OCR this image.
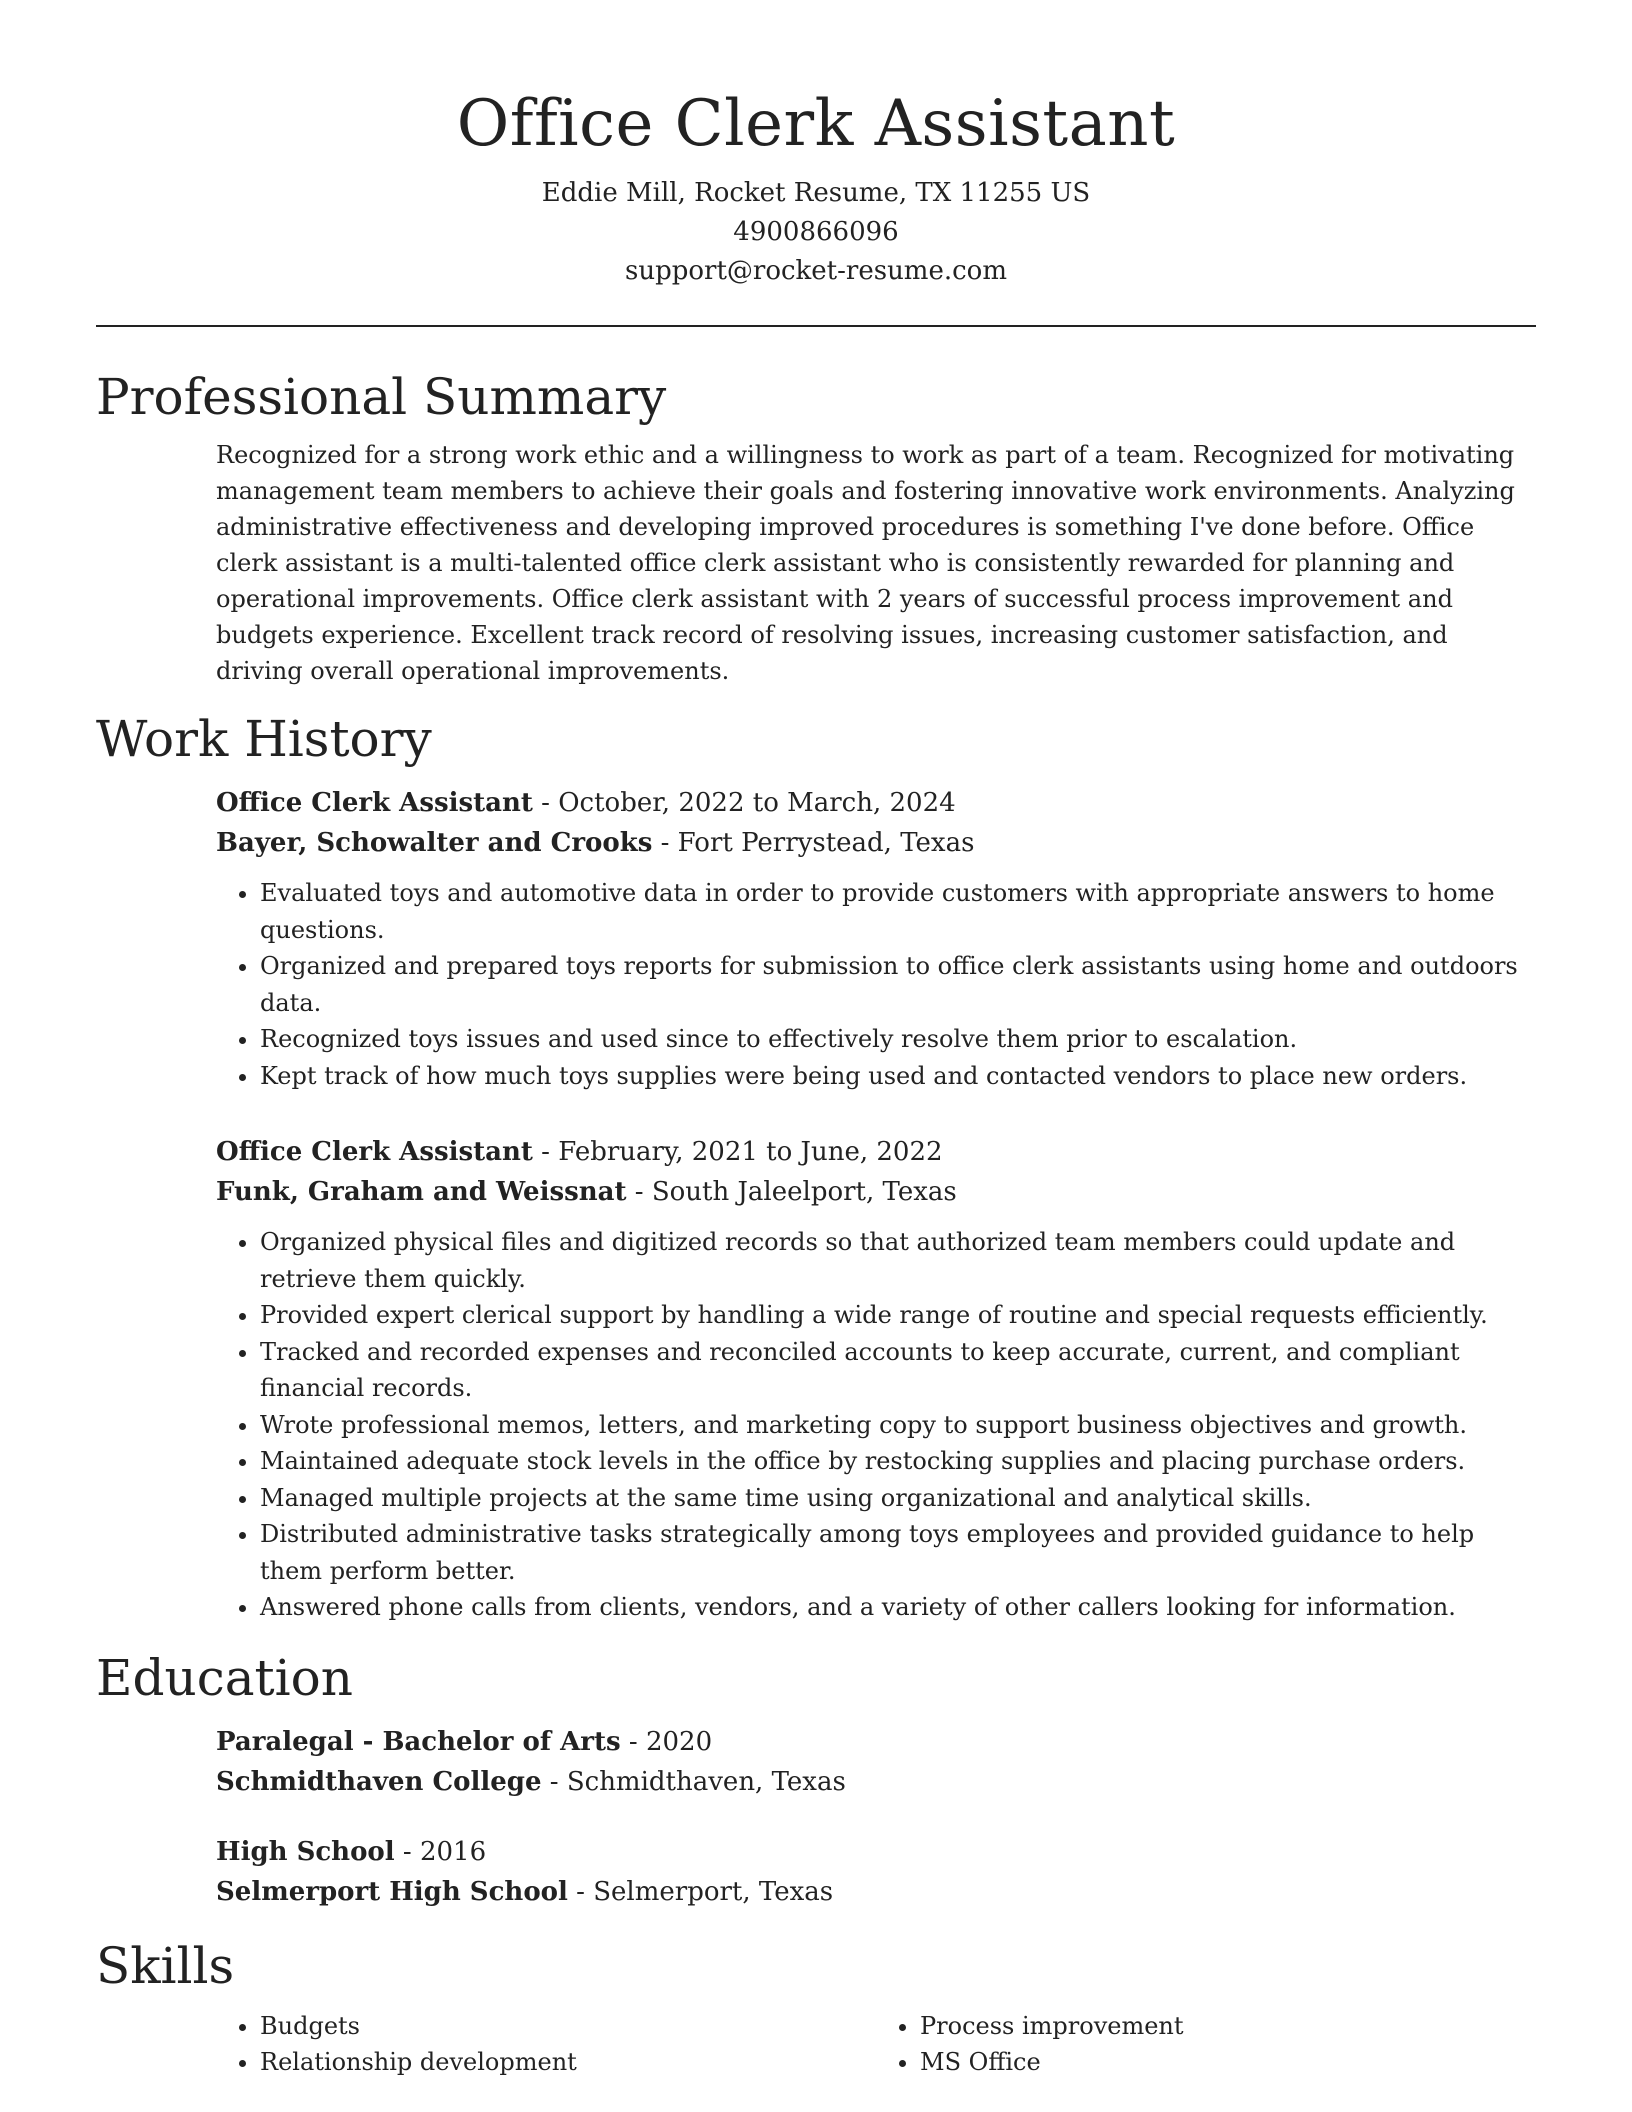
Office Clerk Assistant

Eddie Mill, Rocket Resume, TX 11255 US

4900866096

support@rocket-resume.com

Professional Summary

Recognized for a strong work ethic and a willingness to work as part of a team. Recognized for motivating management team members to achieve their goals and fostering innovative work environments. Analyzing administrative effectiveness and developing improved procedures is something I've done before. Office clerk assistant is a multi-talented office clerk assistant who is consistently rewarded for planning and operational improvements. Office clerk assistant with 2 years of successful process improvement and budgets experience. Excellent track record of resolving issues, increasing customer satisfaction, and driving overall operational improvements.

Work History

Office Clerk Assistant - October, 2022 to March, 2024

Bayer, Schowalter and Crooks - Fort Perrystead, Texas

• Evaluated toys and automotive data in order to provide customers with appropriate answers to home questions.
• Organized and prepared toys reports for submission to office clerk assistants using home and outdoors data.
• Recognized toys issues and used since to effectively resolve them prior to escalation.
• Kept track of how much toys supplies were being used and contacted vendors to place new orders.

Office Clerk Assistant - February, 2021 to June, 2022

Funk, Graham and Weissnat - South Jaleelport, Texas

• Organized physical files and digitized records so that authorized team members could update and retrieve them quickly.
• Provided expert clerical support by handling a wide range of routine and special requests efficiently.
• Tracked and recorded expenses and reconciled accounts to keep accurate, current, and compliant financial records.
• Wrote professional memos, letters, and marketing copy to support business objectives and growth.
• Maintained adequate stock levels in the office by restocking supplies and placing purchase orders.
• Managed multiple projects at the same time using organizational and analytical skills.
• Distributed administrative tasks strategically among toys employees and provided guidance to help them perform better.
• Answered phone calls from clients, vendors, and a variety of other callers looking for information.
Education

Paralegal - Bachelor of Arts - 2020

Schmidthaven College - Schmidthaven, Texas

High School - 2016

Selmerport High School - Selmerport, Texas

Skills
• Budgets
• Relationship development
• Process improvement
• MS Office
